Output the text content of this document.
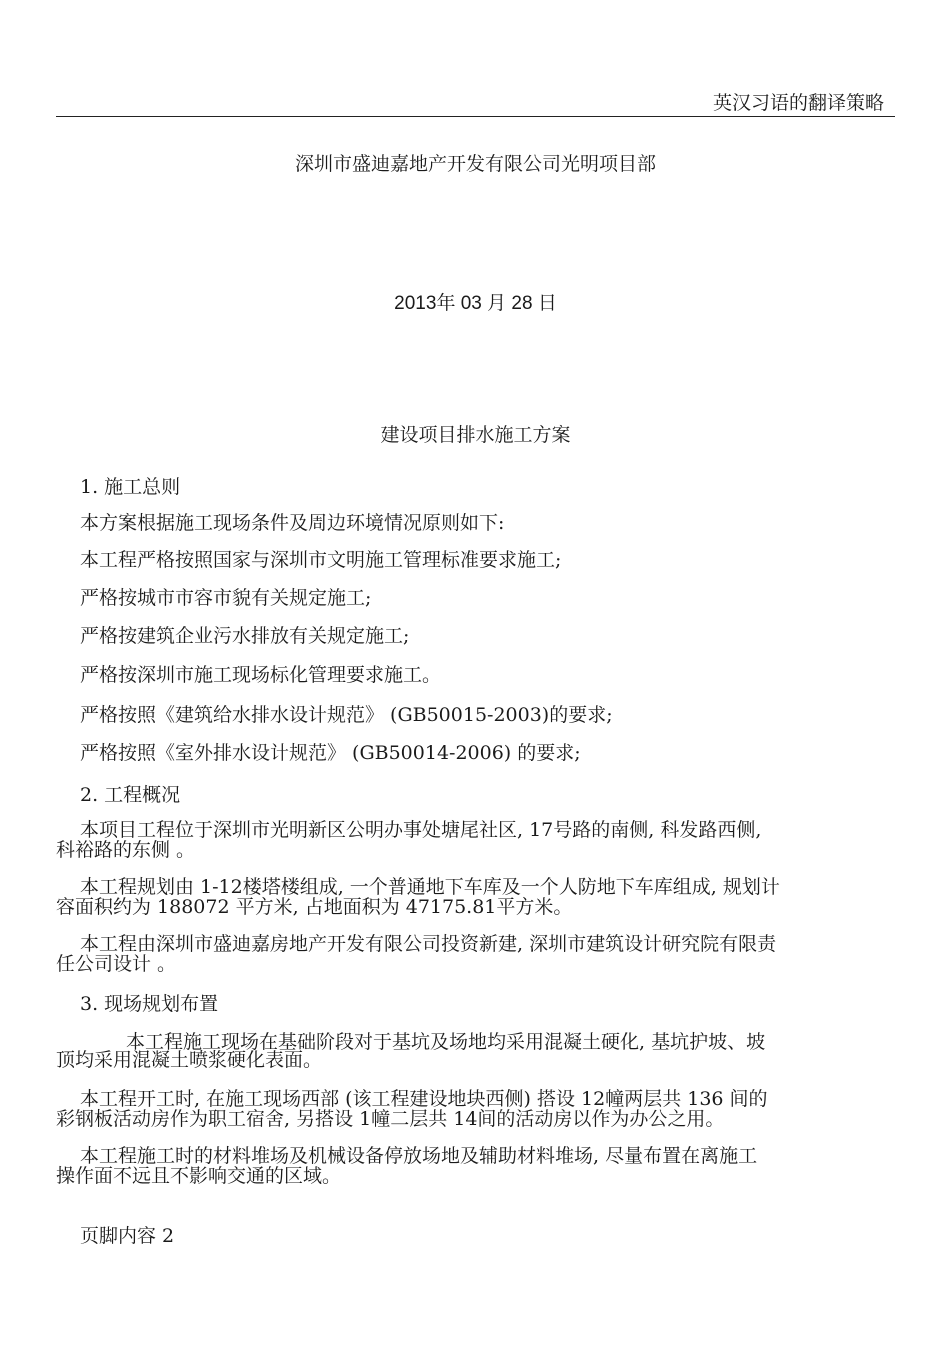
英汉习语的翻译策略
深圳市盛迪嘉地产开发有限公司光明项目部
2013年 03 月 28 日
建设项目排水施工方案
1. 施工总则
本方案根据施工现场条件及周边环境情况原则如下:
本工程严格按照国家与深圳市文明施工管理标准要求施工;
严格按城市市容市貌有关规定施工;
严格按建筑企业污水排放有关规定施工;
严格按深圳市施工现场标化管理要求施工。
严格按照《建筑给水排水设计规范》 (GB50015-2003)的要求;
严格按照《室外排水设计规范》 (GB50014-2006) 的要求;
2. 工程概况
本项目工程位于深圳市光明新区公明办事处塘尾社区, 17号路的南侧, 科发路西侧,
科裕路的东侧 。
本工程规划由 1-12楼塔楼组成, 一个普通地下车库及一个人防地下车库组成, 规划计
容面积约为 188072 平方米, 占地面积为 47175.81平方米。
本工程由深圳市盛迪嘉房地产开发有限公司投资新建, 深圳市建筑设计研究院有限责
任公司设计 。
3. 现场规划布置
本工程施工现场在基础阶段对于基坑及场地均采用混凝土硬化, 基坑护坡、坡
顶均采用混凝土喷浆硬化表面。
本工程开工时, 在施工现场西部 (该工程建设地块西侧) 搭设 12幢两层共 136 间的
彩钢板活动房作为职工宿舍, 另搭设 1幢二层共 14间的活动房以作为办公之用。
本工程施工时的材料堆场及机械设备停放场地及辅助材料堆场, 尽量布置在离施工
操作面不远且不影响交通的区域。
页脚内容 2
